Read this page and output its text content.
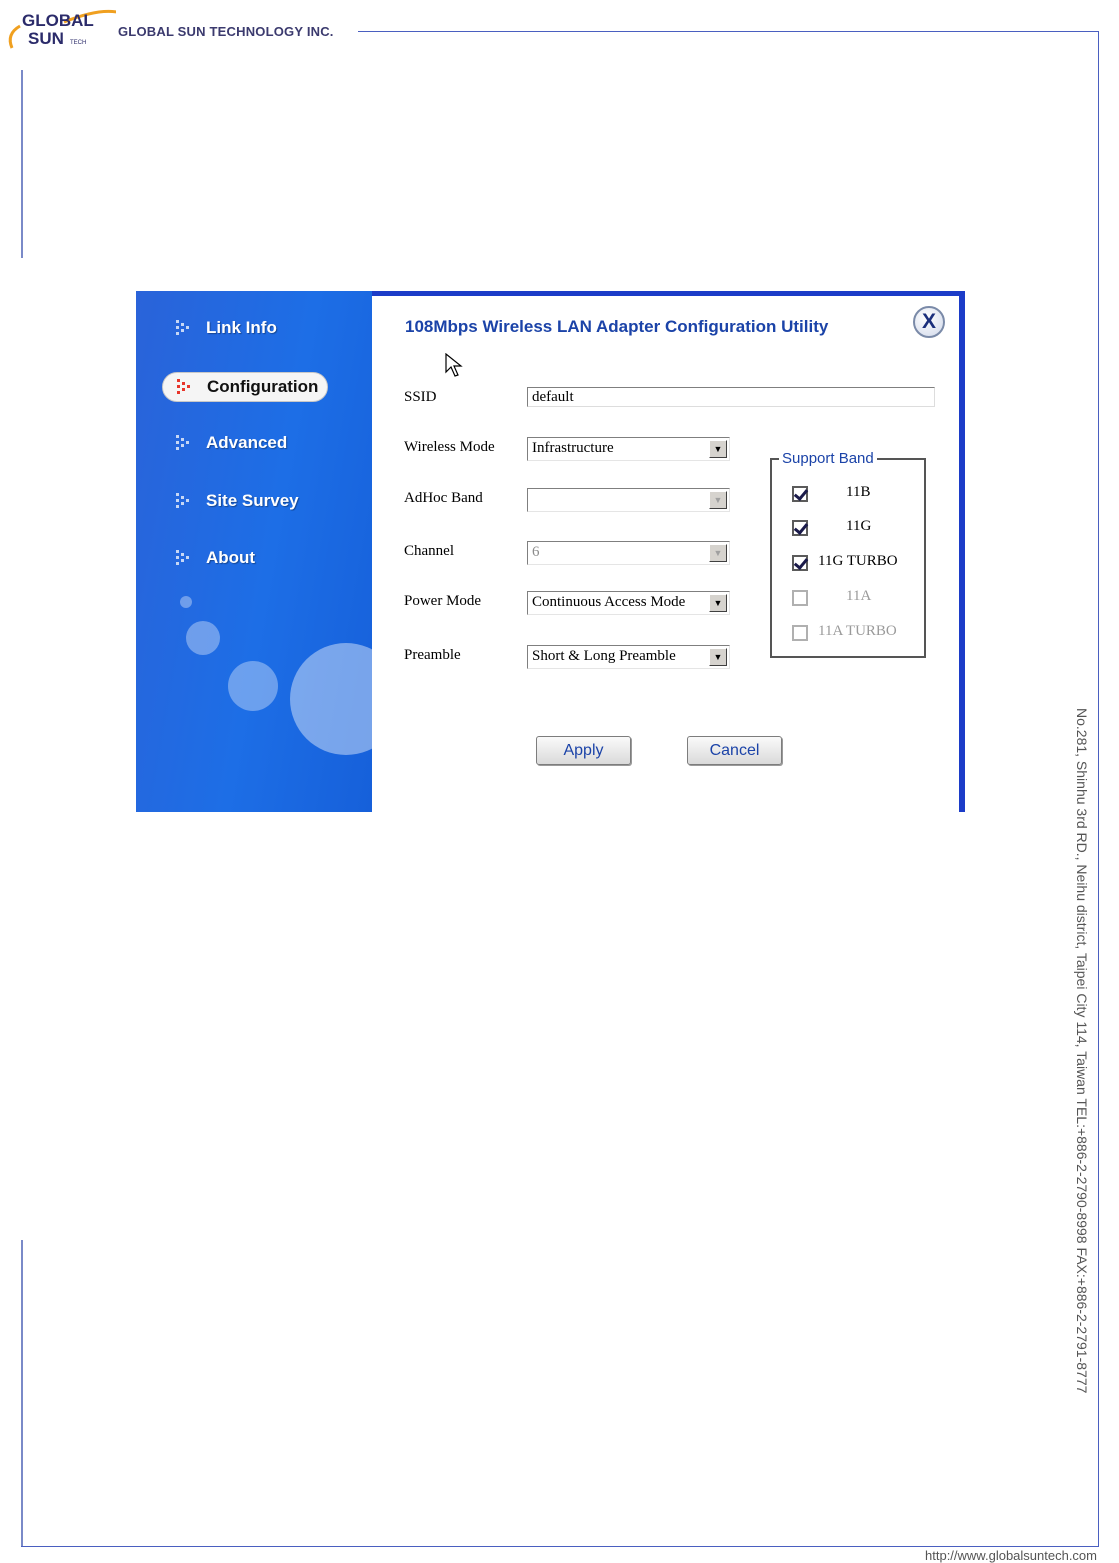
GLOBAL
SUN TECH
GLOBAL SUN TECHNOLOGY INC.
No.281, Shinhu 3rd RD., Neihu district, Taipei City 114, Taiwan TEL:+886-2-2790-8998 FAX:+886-2-2791-8777
http://www.globalsuntech.com
Link Info
Configuration
Advanced
Site Survey
About
108Mbps Wireless LAN Adapter Configuration Utility	X
SSID	default
Wireless Mode	Infrastructure	▼
AdHoc Band	▼
Channel	6	▼
Power Mode	Continuous Access Mode	▼
Preamble	Short & Long Preamble	▼
Support Band
11B
11G
11G TURBO
11A
11A TURBO
Apply	Cancel
